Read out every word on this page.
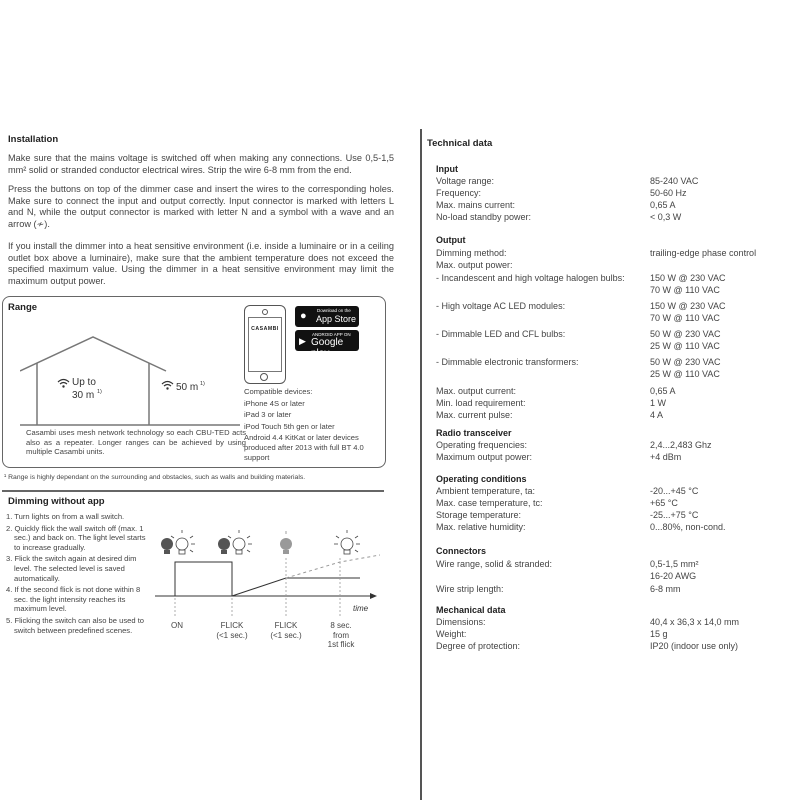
Installation
Make sure that the mains voltage is switched off when making any connections. Use 0,5-1,5 mm² solid or stranded conductor electrical wires. Strip the wire 6-8 mm from the end.
Press the buttons on top of the dimmer case and insert the wires to the corresponding holes. Make sure to connect the input and output correctly. Input connector is marked with letters L and N, while the output connector is marked with letter N and a symbol with a wave and an arrow (≁).
If you install the dimmer into a heat sensitive environment (i.e. inside a luminaire or in a ceiling outlet box above a luminaire), make sure that the ambient temperature does not exceed the specified maximum value. Using the dimmer in a heat sensitive environment may limit the maximum output power.
Range
Up to
30 m 1)	50 m 1)
Casambi uses mesh network technology so each CBU-TED acts also as a repeater. Longer ranges can be achieved by using multiple Casambi units.
CASAMBI
● Download on the
App Store
▶
ANDROID APP ON
Google play
Compatible devices:
iPhone 4S or later
iPad 3 or later
iPod Touch 5th gen or later
Android 4.4 KitKat or later devices produced after 2013 with full BT 4.0 support
¹ Range is highly dependant on the surrounding and obstacles, such as walls and building materials.
Dimming without app
1. Turn lights on from a wall switch.
2. Quickly flick the wall switch off (max. 1 sec.) and back on. The light level starts to increase gradually.
3. Flick the switch again at desired dim level. The selected level is saved automatically.
4. If the second flick is not done within 8 sec. the light intensity reaches its maximum level.
5. Flicking the switch can also be used to switch between predefined scenes.
time
ON	FLICK
(<1 sec.)
FLICK
(<1 sec.)
8 sec.
from
1st flick
Technical data
Input
Voltage range:	85-240 VAC
Frequency:	50-60 Hz
Max. mains current:	0,65 A
No-load standby power:	< 0,3 W
Output
Dimming method:	trailing-edge phase control
Max. output power:
- Incandescent and high voltage halogen bulbs:	150 W @ 230 VAC
70 W @ 110 VAC
- High voltage AC LED modules:	150 W @ 230 VAC
70 W @ 110 VAC
- Dimmable LED and CFL bulbs:	50 W @ 230 VAC
25 W @ 110 VAC
- Dimmable electronic transformers:	50 W @ 230 VAC
25 W @ 110 VAC
Max. output current:	0,65 A
Min. load requirement:	1 W
Max. current pulse:	4 A
Radio transceiver
Operating frequencies:	2,4...2,483 Ghz
Maximum output power:	+4 dBm
Operating conditions
Ambient temperature, ta:	-20...+45 °C
Max. case temperature, tc:	+65 °C
Storage temperature:	-25...+75 °C
Max. relative humidity:	0...80%, non-cond.
Connectors
Wire range, solid & stranded:	0,5-1,5 mm²
16-20 AWG
Wire strip length:	6-8 mm
Mechanical data
Dimensions:	40,4 x 36,3 x 14,0 mm
Weight:	15 g
Degree of protection:	IP20 (indoor use only)
